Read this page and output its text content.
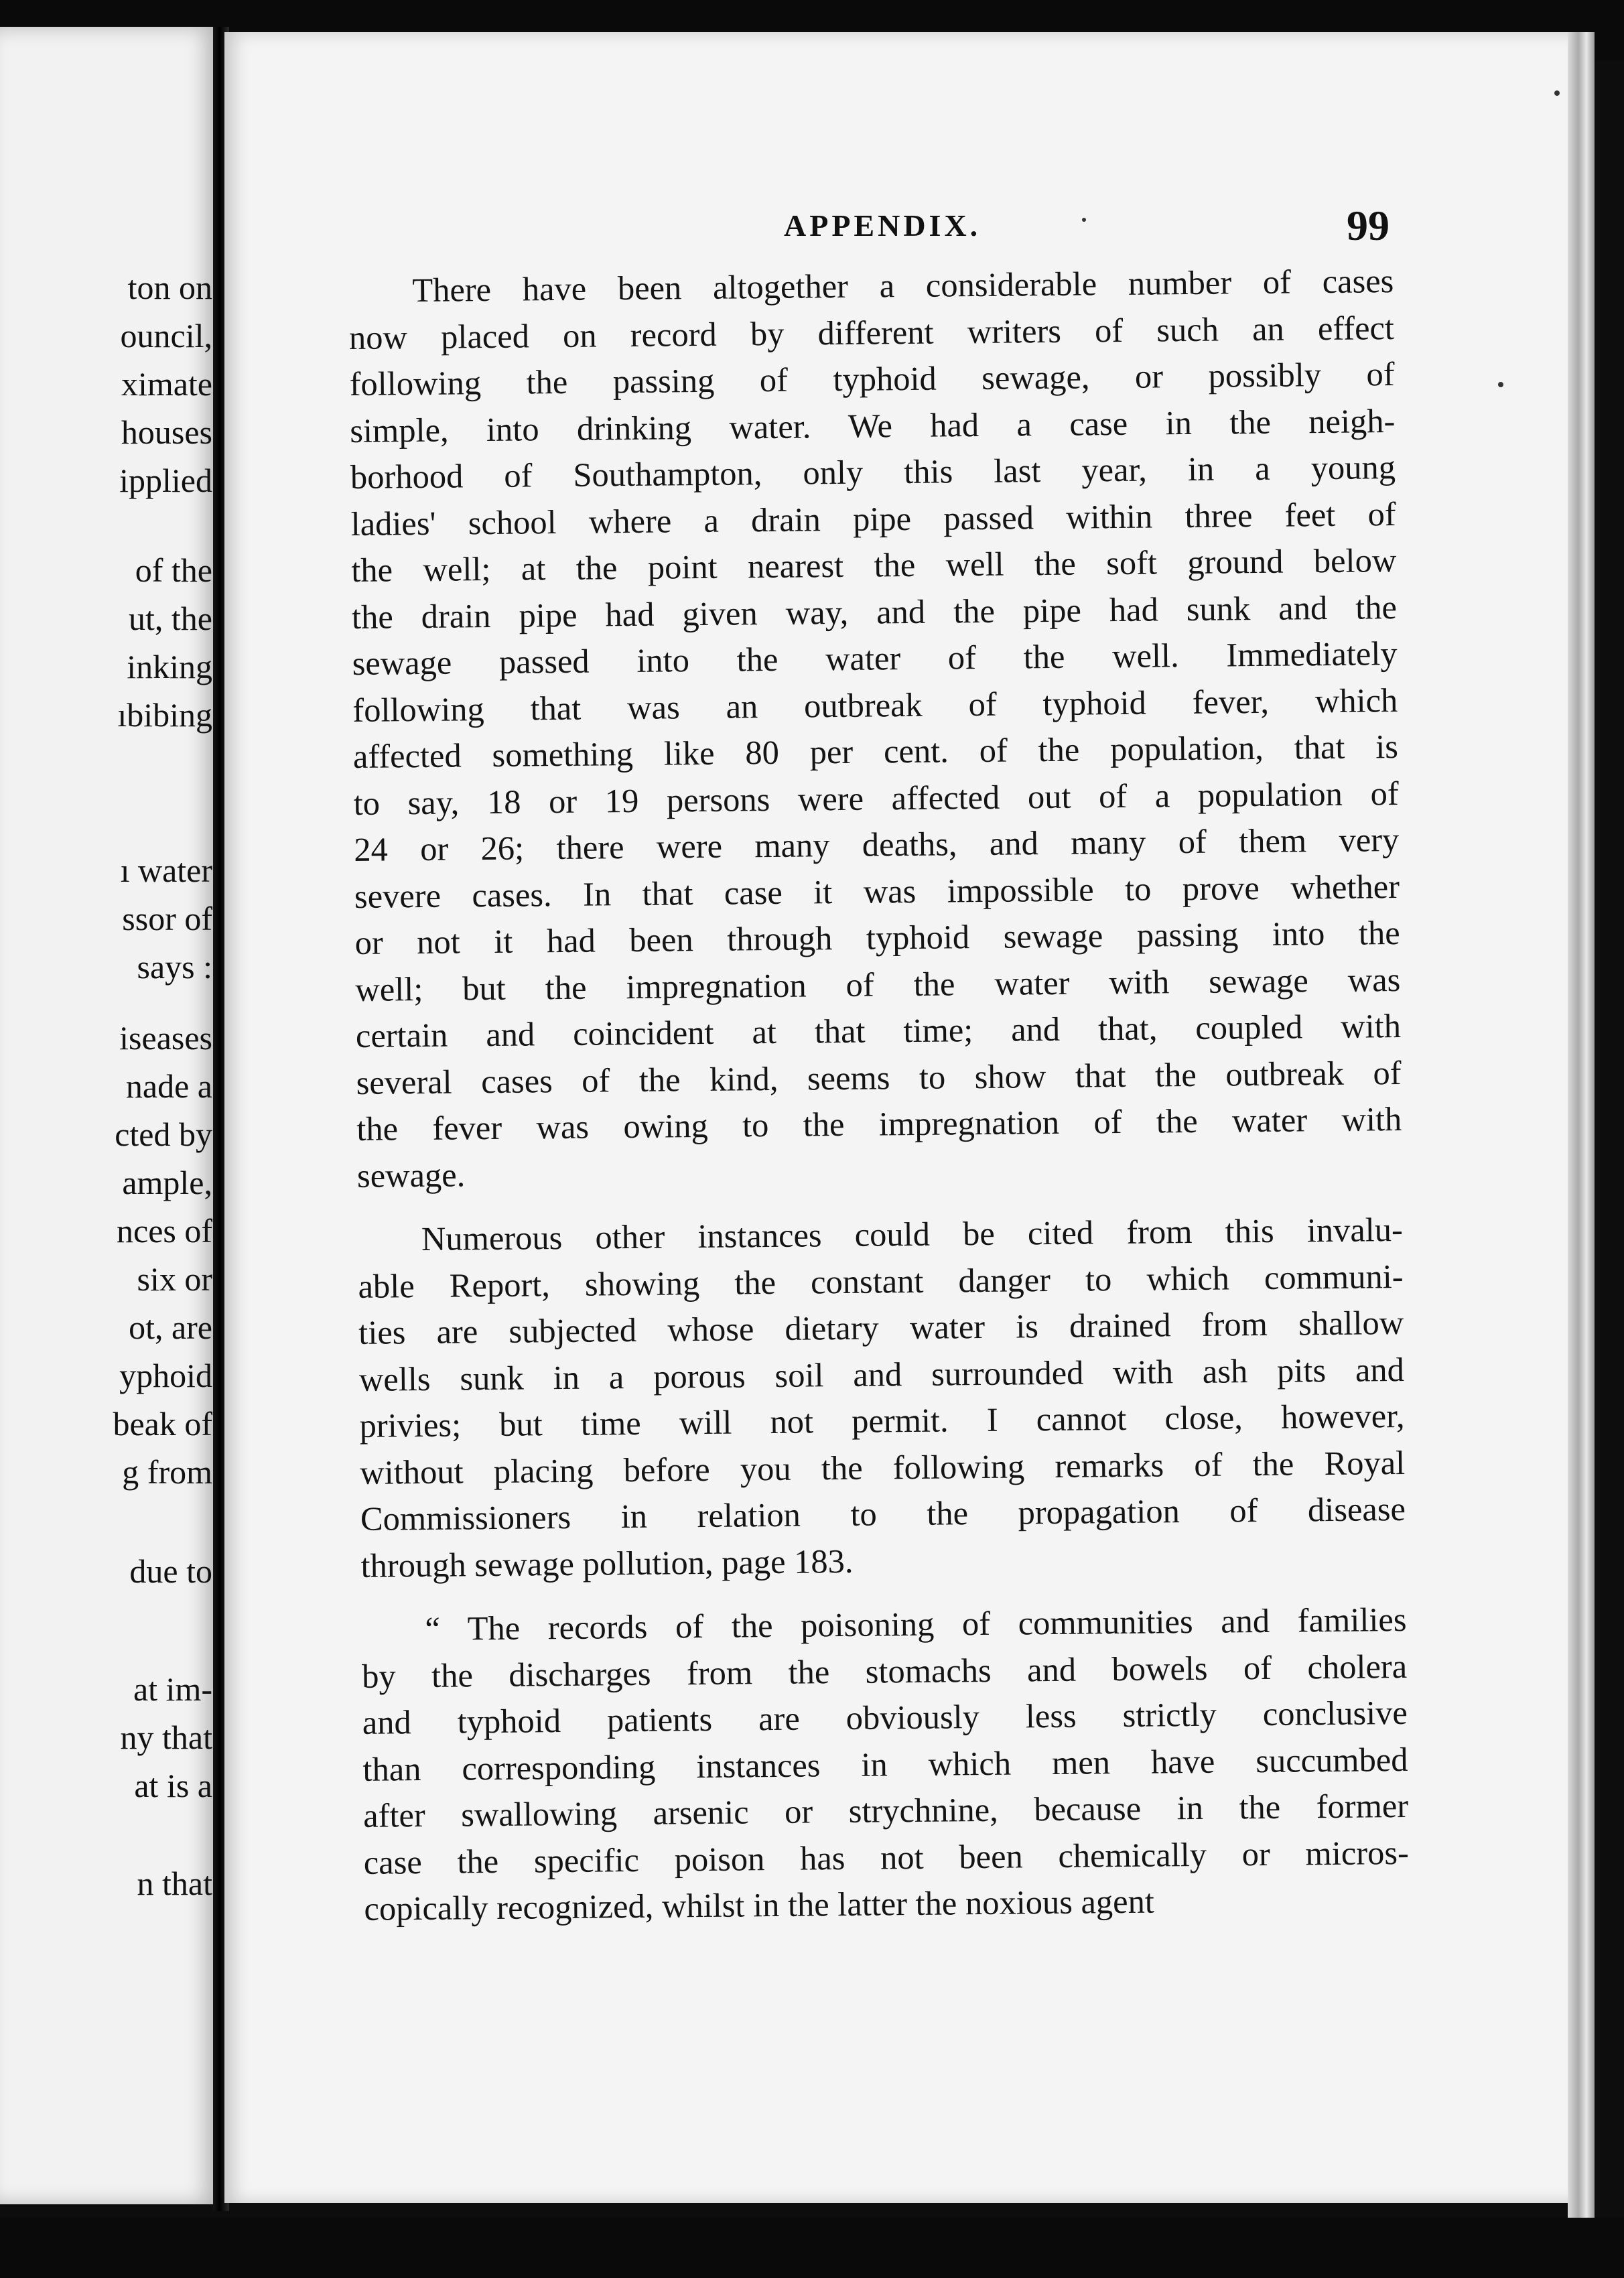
ton on
ouncil,
ximate
houses
ipplied
of the
ut, the
inking
ıbibing
ı water
ssor of
says :
iseases
nade a
cted by
ample,
nces of
six or
ot, are
yphoid
beak of
g from
due to
at im-
ny that
at is a
n that
APPENDIX.	99
There have been altogether a considerable number of cases
now placed on record by different writers of such an effect
following the passing of typhoid sewage, or possibly of
simple, into drinking water. We had a case in the neigh-
borhood of Southampton, only this last year, in a young
ladies' school where a drain pipe passed within three feet of
the well; at the point nearest the well the soft ground below
the drain pipe had given way, and the pipe had sunk and the
sewage passed into the water of the well. Immediately
following that was an outbreak of typhoid fever, which
affected something like 80 per cent. of the population, that is
to say, 18 or 19 persons were affected out of a population of
24 or 26; there were many deaths, and many of them very
severe cases. In that case it was impossible to prove whether
or not it had been through typhoid sewage passing into the
well; but the impregnation of the water with sewage was
certain and coincident at that time; and that, coupled with
several cases of the kind, seems to show that the outbreak of
the fever was owing to the impregnation of the water with
sewage.
Numerous other instances could be cited from this invalu-
able Report, showing the constant danger to which communi-
ties are subjected whose dietary water is drained from shallow
wells sunk in a porous soil and surrounded with ash pits and
privies; but time will not permit. I cannot close, however,
without placing before you the following remarks of the Royal
Commissioners in relation to the propagation of disease
through sewage pollution, page 183.
“ The records of the poisoning of communities and families
by the discharges from the stomachs and bowels of cholera
and typhoid patients are obviously less strictly conclusive
than corresponding instances in which men have succumbed
after swallowing arsenic or strychnine, because in the former
case the specific poison has not been chemically or micros-
copically recognized, whilst in the latter the noxious agent
